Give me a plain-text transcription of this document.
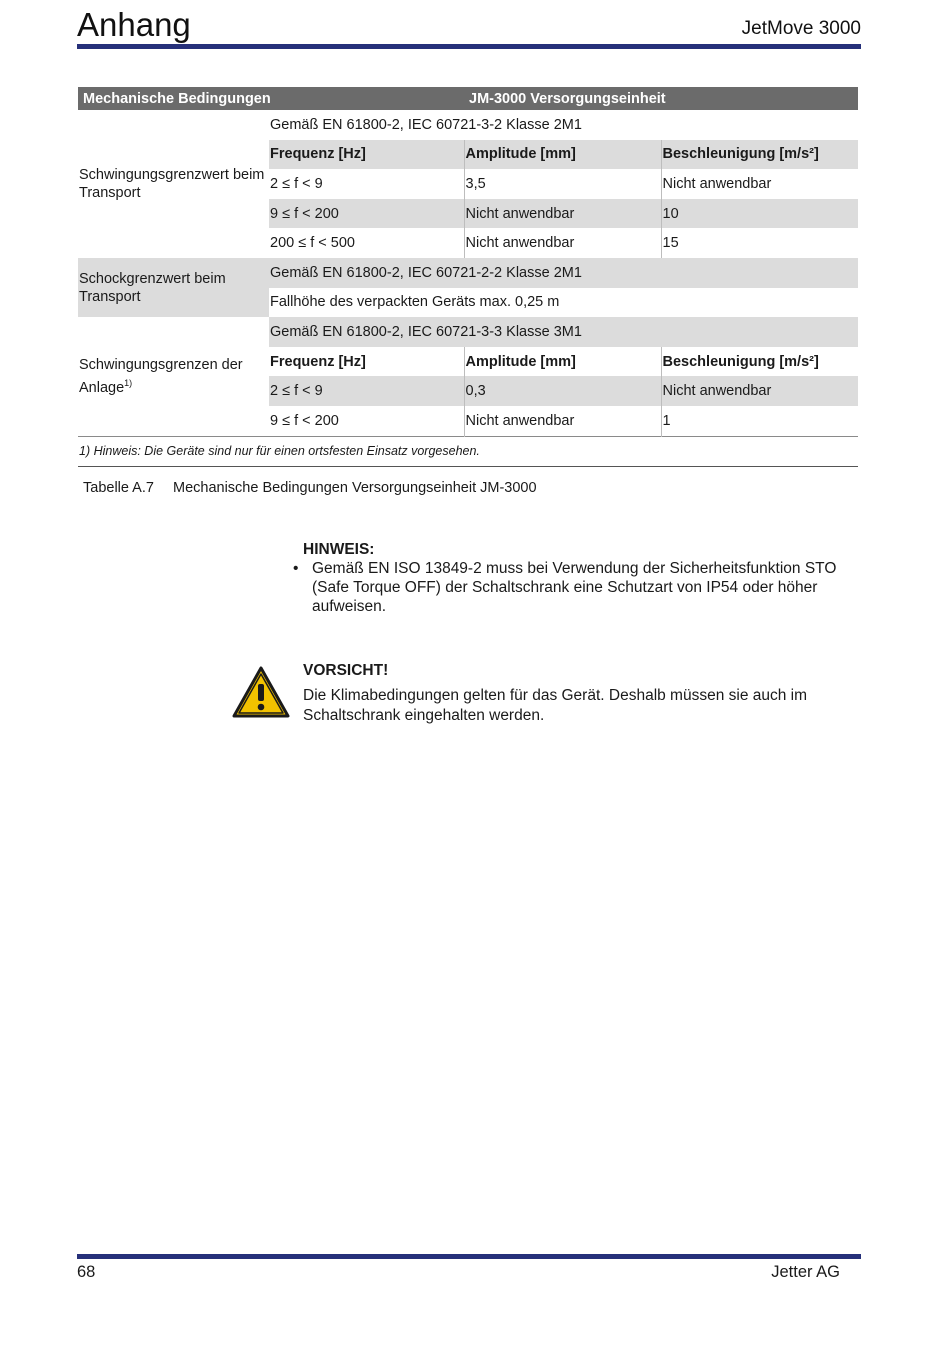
Anhang	JetMove 3000
Mechanische Bedingungen		JM-3000 Versorgungseinheit	
Schwingungsgrenzwert beim Transport	Gemäß EN 61800-2, IEC 60721-3-2 Klasse 2M1		
	Frequenz [Hz]	Amplitude [mm]	Beschleunigung [m/s²]
	2 ≤ f < 9	3,5	Nicht anwendbar
	9 ≤ f < 200	Nicht anwendbar	10
	200 ≤ f < 500	Nicht anwendbar	15
Schockgrenzwert beim Transport	Gemäß EN 61800-2, IEC 60721-2-2 Klasse 2M1		
	Fallhöhe des verpackten Geräts max. 0,25 m		
Schwingungsgrenzen der Anlage$^{1)}$	Gemäß EN 61800-2, IEC 60721-3-3 Klasse 3M1		
	Frequenz [Hz]	Amplitude [mm]	Beschleunigung [m/s²]
	2 ≤ f < 9	0,3	Nicht anwendbar
	9 ≤ f < 200	Nicht anwendbar	1
1) Hinweis: Die Geräte sind nur für einen ortsfesten Einsatz vorgesehen.			
Tabelle A.7 Mechanische Bedingungen Versorgungseinheit JM-3000
HINWEIS:
• Gemäß EN ISO 13849-2 muss bei Verwendung der Sicherheitsfunktion STO (Safe Torque OFF) der Schaltschrank eine Schutzart von IP54 oder höher aufweisen.
VORSICHT!
Die Klimabedingungen gelten für das Gerät. Deshalb müssen sie auch im Schaltschrank eingehalten werden.
68	Jetter AG
